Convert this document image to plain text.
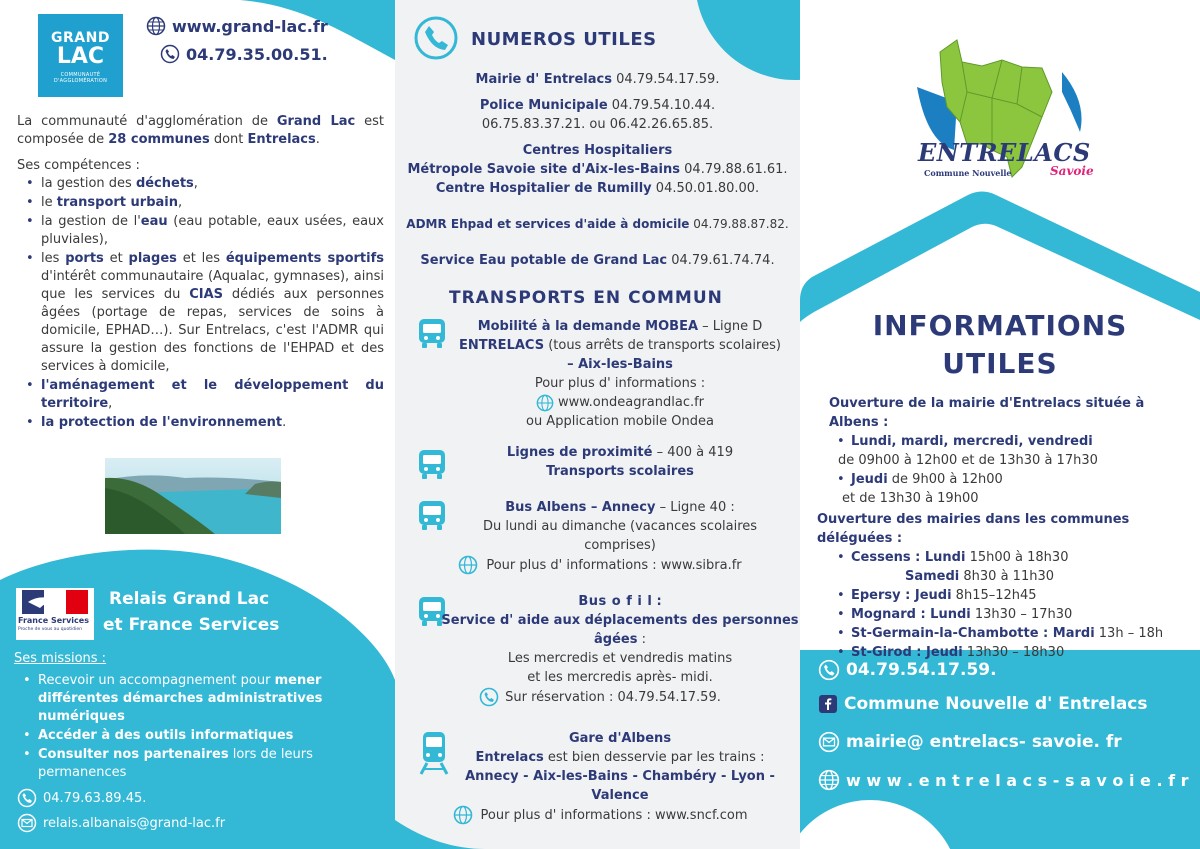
GRAND
LAC
COMMUNAUTÉ D'AGGLOMÉRATION
www.grand-lac.fr
04.79.35.00.51.
La communauté d'agglomération de Grand Lac est composée de 28 communes dont Entrelacs.
Ses compétences :
• la gestion des déchets,
• le transport urbain,
• la gestion de l'eau (eau potable, eaux usées, eaux pluviales),
• les ports et plages et les équipements sportifs d'intérêt communautaire (Aqualac, gymnases), ainsi que les services du CIAS dédiés aux personnes âgées (portage de repas, services de soins à domicile, EPHAD…). Sur Entrelacs, c'est l'ADMR qui assure la gestion des fonctions de l'EHPAD et des services à domicile,
• l'aménagement et le développement du territoire,
• la protection de l'environnement.
France Services
Proche de vous au quotidien
Relais Grand Lac
et France Services
Ses missions :
• Recevoir un accompagnement pour mener différentes démarches administratives numériques
• Accéder à des outils informatiques
• Consulter nos partenaires lors de leurs permanences
04.79.63.89.45.
relais.albanais@grand-lac.fr
NUMEROS UTILES
Mairie d' Entrelacs 04.79.54.17.59.
Police Municipale 04.79.54.10.44.
06.75.83.37.21. ou 06.42.26.65.85.
Centres Hospitaliers
Métropole Savoie site d'Aix-les-Bains 04.79.88.61.61.
Centre Hospitalier de Rumilly 04.50.01.80.00.
ADMR Ehpad et services d'aide à domicile 04.79.88.87.82.
Service Eau potable de Grand Lac 04.79.61.74.74.
TRANSPORTS EN COMMUN
Mobilité à la demande MOBEA – Ligne D
ENTRELACS (tous arrêts de transports scolaires)
– Aix-les-Bains
Pour plus d' informations :
www.ondeagrandlac.fr
ou Application mobile Ondea
Lignes de proximité – 400 à 419
Transports scolaires
Bus Albens – Annecy – Ligne 40 :
Du lundi au dimanche (vacances scolaires comprises)
Pour plus d' informations : www.sibra.fr
Bus o f i l :
Service d' aide aux déplacements des personnes âgées :
Les mercredis et vendredis matins
et les mercredis après- midi.
Sur réservation : 04.79.54.17.59.
Gare d'Albens
Entrelacs est bien desservie par les trains :
Annecy - Aix-les-Bains - Chambéry - Lyon - Valence
Pour plus d' informations : www.sncf.com
ENTRELACS
Commune Nouvelle	Savoie
INFORMATIONS
UTILES
Ouverture de la mairie d'Entrelacs située à Albens :
• Lundi, mardi, mercredi, vendredi
de 09h00 à 12h00 et de 13h30 à 17h30
• Jeudi de 9h00 à 12h00
et de 13h30 à 19h00
Ouverture des mairies dans les communes déléguées :
• Cessens : Lundi 15h00 à 18h30
Samedi 8h30 à 11h30
• Epersy : Jeudi 8h15–12h45
• Mognard : Lundi 13h30 – 17h30
• St-Germain-la-Chambotte : Mardi 13h – 18h
• St-Girod : Jeudi 13h30 – 18h30
04.79.54.17.59.
Commune Nouvelle d' Entrelacs
mairie@ entrelacs- savoie. fr
w w w . e n t r e l a c s - s a v o i e . f r
